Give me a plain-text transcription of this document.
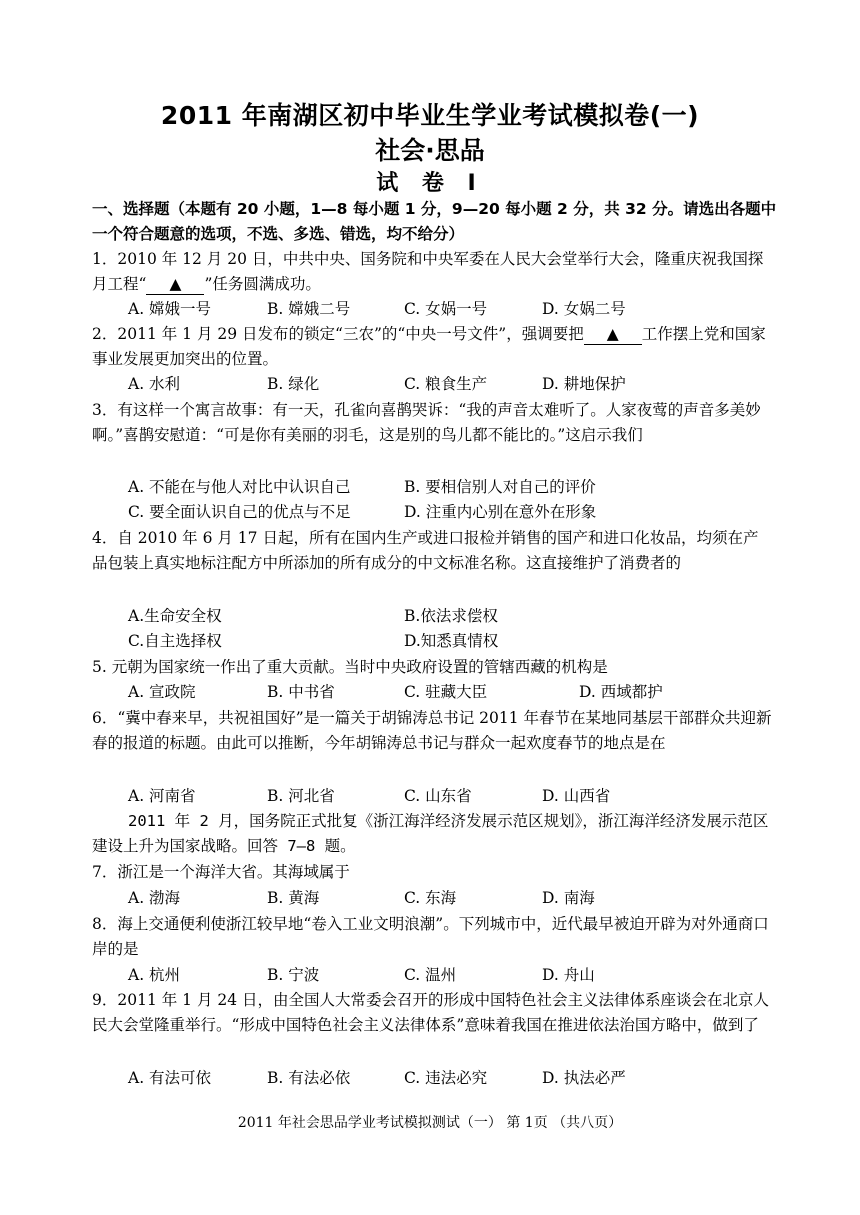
2011 年南湖区初中毕业生学业考试模拟卷(一)
社会·思品
试 卷 Ⅰ
一、选择题（本题有 20 小题，1—8 每小题 1 分，9—20 每小题 2 分，共 32 分。请选出各题中一个符合题意的选项，不选、多选、错选，均不给分）
1．2010 年 12 月 20 日，中共中央、国务院和中央军委在人民大会堂举行大会，隆重庆祝我国探月工程“ ▲ ”任务圆满成功。
A. 嫦娥一号	B. 嫦娥二号	C. 女娲一号	D. 女娲二号
2．2011 年 1 月 29 日发布的锁定“三农”的“中央一号文件”，强调要把 ▲ 工作摆上党和国家事业发展更加突出的位置。
A. 水利	B. 绿化	C. 粮食生产	D. 耕地保护
3．有这样一个寓言故事：有一天，孔雀向喜鹊哭诉：“我的声音太难听了。人家夜莺的声音多美妙啊。”喜鹊安慰道：“可是你有美丽的羽毛，这是别的鸟儿都不能比的。”这启示我们
A. 不能在与他人对比中认识自己	B. 要相信别人对自己的评价
C. 要全面认识自己的优点与不足	D. 注重内心别在意外在形象
4．自 2010 年 6 月 17 日起，所有在国内生产或进口报检并销售的国产和进口化妆品，均须在产品包装上真实地标注配方中所添加的所有成分的中文标准名称。这直接维护了消费者的
A.生命安全权	B.依法求偿权
C.自主选择权	D.知悉真情权
5. 元朝为国家统一作出了重大贡献。当时中央政府设置的管辖西藏的机构是
A. 宣政院	B. 中书省	C. 驻藏大臣	D. 西域都护
6．“冀中春来早，共祝祖国好”是一篇关于胡锦涛总书记 2011 年春节在某地同基层干部群众共迎新春的报道的标题。由此可以推断，今年胡锦涛总书记与群众一起欢度春节的地点是在
A. 河南省	B. 河北省	C. 山东省	D. 山西省
2011 年 2 月，国务院正式批复《浙江海洋经济发展示范区规划》，浙江海洋经济发展示范区建设上升为国家战略。回答 7—8 题。
7．浙江是一个海洋大省。其海域属于
A. 渤海	B. 黄海	C. 东海	D. 南海
8．海上交通便利使浙江较早地“卷入工业文明浪潮”。下列城市中，近代最早被迫开辟为对外通商口岸的是
A. 杭州	B. 宁波	C. 温州	D. 舟山
9．2011 年 1 月 24 日，由全国人大常委会召开的形成中国特色社会主义法律体系座谈会在北京人民大会堂隆重举行。“形成中国特色社会主义法律体系”意味着我国在推进依法治国方略中，做到了
A. 有法可依	B. 有法必依	C. 违法必究	D. 执法必严
2011 年社会思品学业考试模拟测试（一） 第 1页 （共八页）
